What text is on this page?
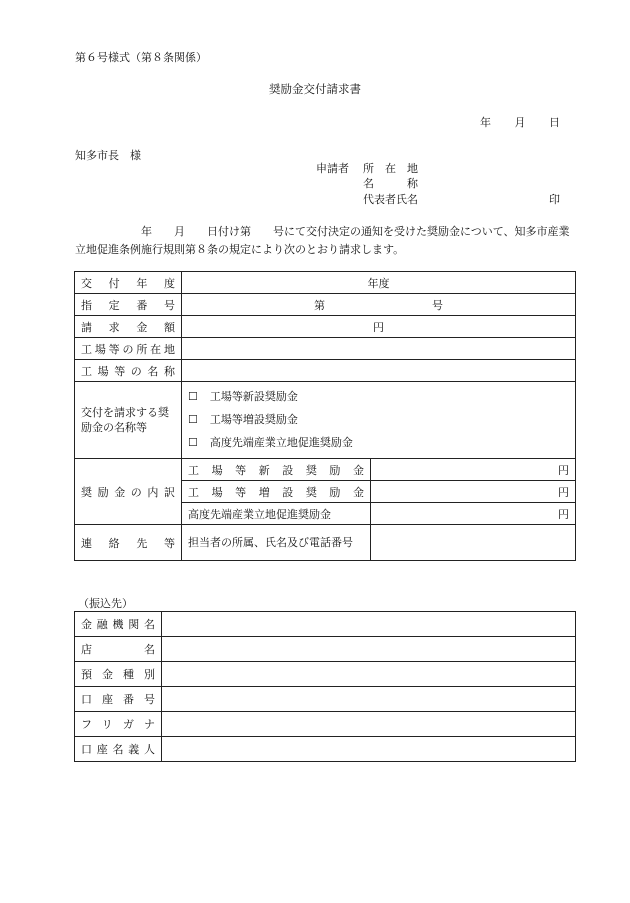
第６号様式（第８条関係）
奨励金交付請求書
年 月 日
知多市長　様
申請者 所　在　地
名　　　称
代表者氏名	印
　　　　　　年　　月　　日付け第　　号にて交付決定の通知を受けた奨励金について、知多市産業立地促進条例施行規則第８条の規定により次のとおり請求します。
交付年度	年度	
指定番号	第 号	
請求金額	円	
工場等の所在地		
工場等の名称		
交付を請求する奨励金の名称等	☐ 工場等新設奨励金
☐ 工場等増設奨励金
☐ 高度先端産業立地促進奨励金	

奨励金の内訳	工場等新設奨励金	円
	工場等増設奨励金	円
	高度先端産業立地促進奨励金	円
連絡先等	担当者の所属、氏名及び電話番号	
（振込先）
金融機関名	
店名	
預金種別	
口座番号	
フリガナ	
口座名義人	
